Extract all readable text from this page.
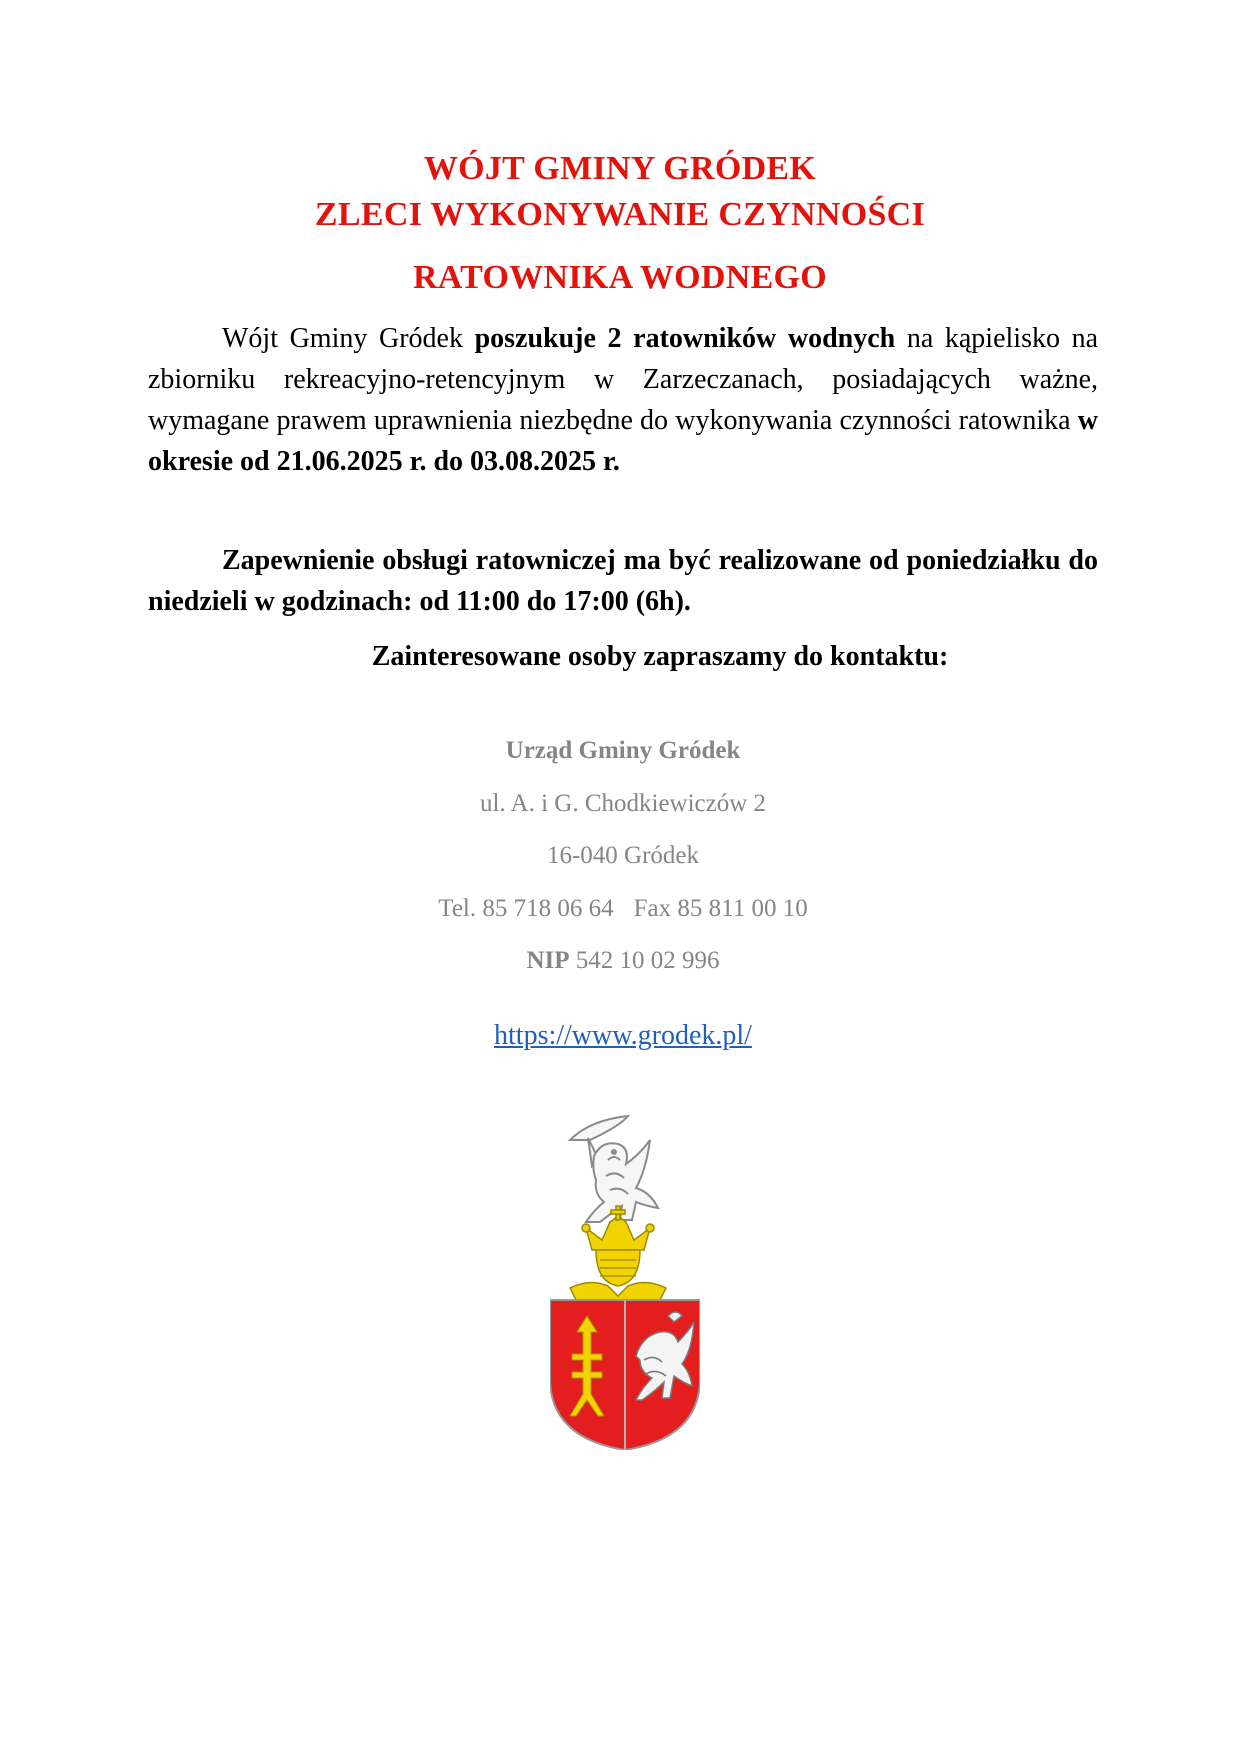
WÓJT GMINY GRÓDEK
ZLECI WYKONYWANIE CZYNNOŚCI
RATOWNIKA WODNEGO
Wójt Gminy Gródek poszukuje 2 ratowników wodnych na kąpielisko na zbiorniku rekreacyjno-retencyjnym w Zarzeczanach, posiadających ważne, wymagane prawem uprawnienia niezbędne do wykonywania czynności ratownika w okresie od 21.06.2025 r. do 03.08.2025 r.
Zapewnienie obsługi ratowniczej ma być realizowane od poniedziałku do niedzieli w godzinach: od 11:00 do 17:00 (6h).
Zainteresowane osoby zapraszamy do kontaktu:
Urząd Gminy Gródek
ul. A. i G. Chodkiewiczów 2
16-040 Gródek
Tel. 85 718 06 64 Fax 85 811 00 10
NIP 542 10 02 996
https://www.grodek.pl/
